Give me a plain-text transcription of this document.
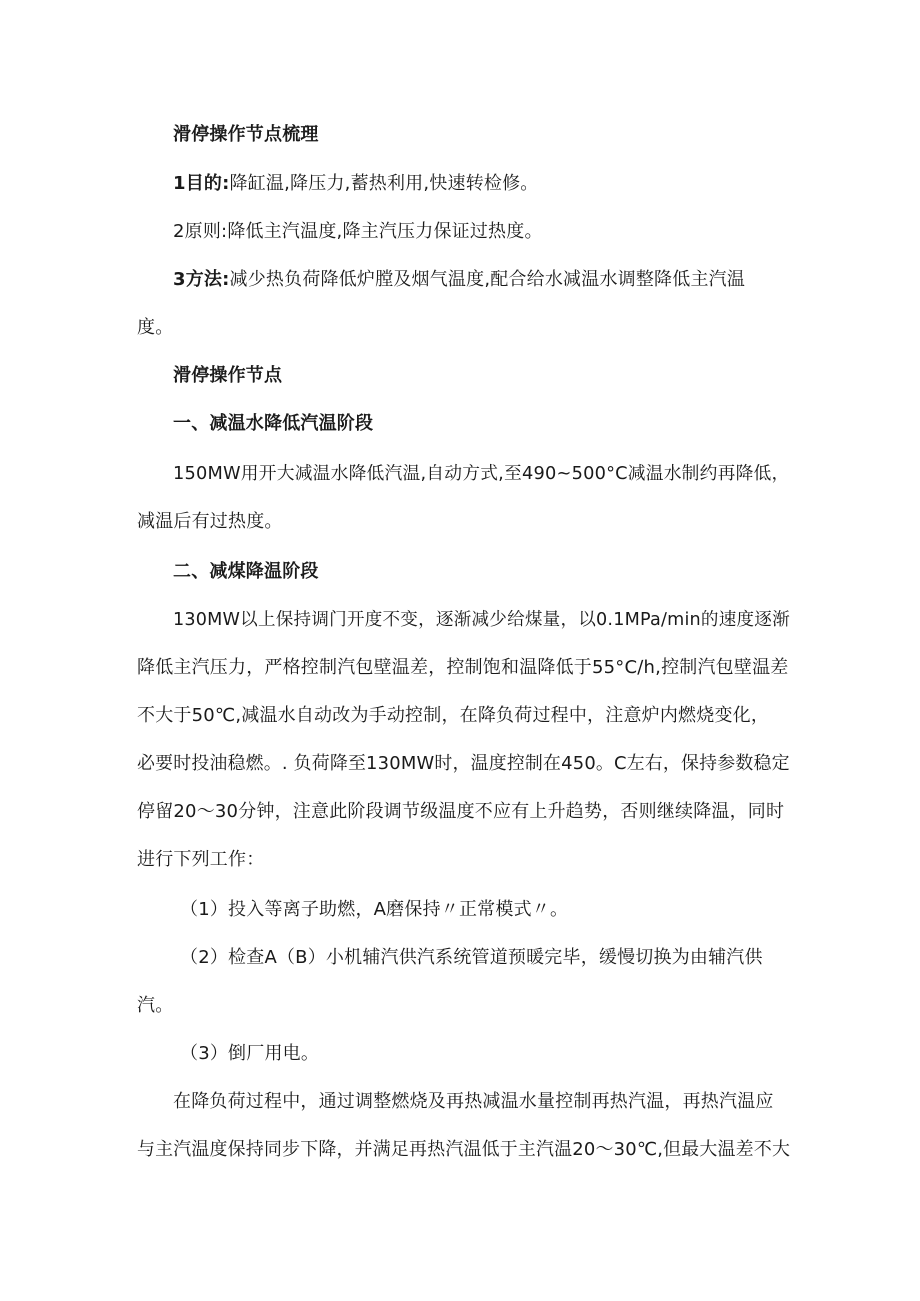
滑停操作节点梳理
1目的:降缸温,降压力,蓄热利用,快速转检修。
2原则:降低主汽温度,降主汽压力保证过热度。
3方法:减少热负荷降低炉膛及烟气温度,配合给水减温水调整降低主汽温
度。
滑停操作节点
一、减温水降低汽温阶段
150MW用开大减温水降低汽温,自动方式,至490~500°C减温水制约再降低，
减温后有过热度。
二、减煤降温阶段
130MW以上保持调门开度不变，逐渐减少给煤量，以0.1MPa∕min的速度逐渐
降低主汽压力，严格控制汽包壁温差，控制饱和温降低于55°C∕h,控制汽包壁温差
不大于50℃,减温水自动改为手动控制，在降负荷过程中，注意炉内燃烧变化，
必要时投油稳燃。. 负荷降至130MW时，温度控制在450。C左右，保持参数稳定
停留20～30分钟，注意此阶段调节级温度不应有上升趋势，否则继续降温，同时
进行下列工作：
（1）投入等离子助燃，A磨保持〃正常模式〃。
（2）检查A（B）小机辅汽供汽系统管道预暖完毕，缓慢切换为由辅汽供
汽。
（3）倒厂用电。
在降负荷过程中，通过调整燃烧及再热减温水量控制再热汽温，再热汽温应
与主汽温度保持同步下降，并满足再热汽温低于主汽温20～30℃,但最大温差不大
